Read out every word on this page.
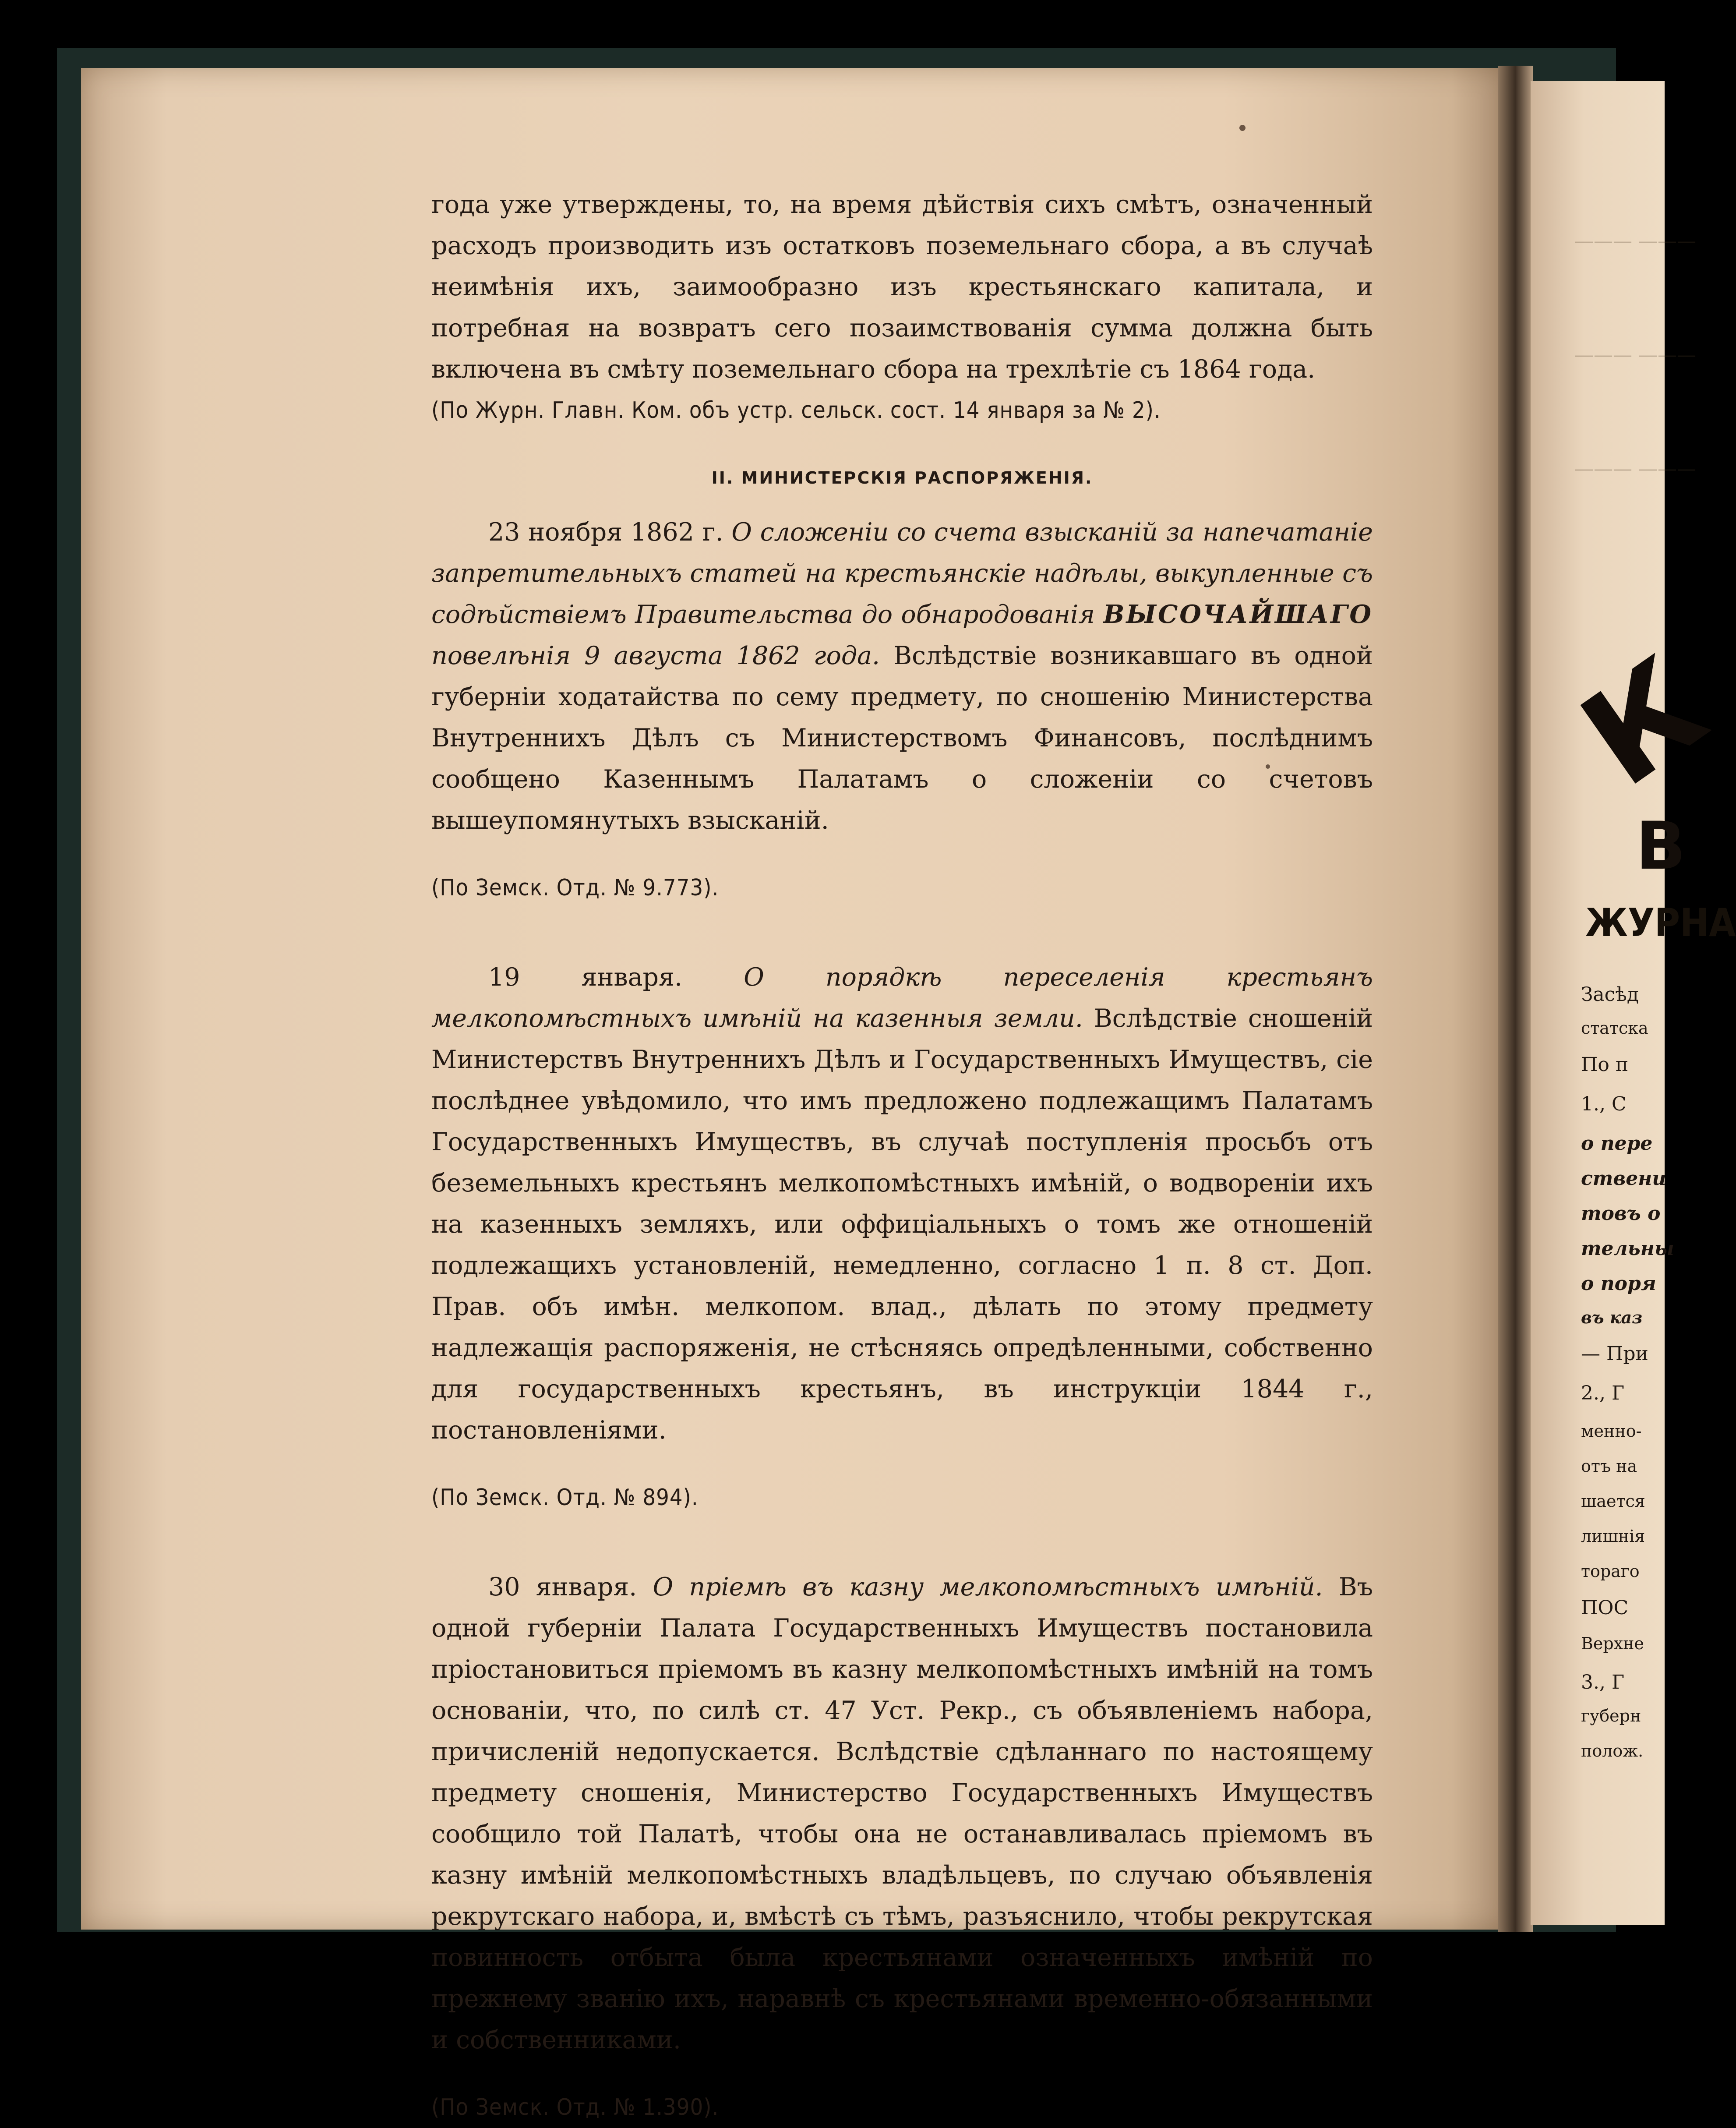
года уже утверждены, то, на время дѣйствія сихъ смѣтъ, означенный расходъ производить изъ остатковъ поземельнаго сбора, а въ случаѣ неимѣнія ихъ, заимообразно изъ крестьянскаго капитала, и потребная на возвратъ сего позаимствованія сумма должна быть включена въ смѣту поземельнаго сбора на трехлѣтіе съ 1864 года.

(По Журн. Главн. Ком. объ устр. сельск. сост. 14 января за № 2).

II. МИНИСТЕРСКІЯ РАСПОРЯЖЕНІЯ.

23 ноября 1862 г. О сложеніи со счета взысканій за напечатаніе запретительныхъ статей на крестьянскіе надѣлы, выкупленные съ содѣйствіемъ Правительства до обнародованія ВЫСОЧАЙШАГО повелѣнія 9 августа 1862 года. Вслѣдствіе возникавшаго въ одной губерніи ходатайства по сему предмету, по сношенію Министерства Внутреннихъ Дѣлъ съ Министерствомъ Финансовъ, послѣднимъ сообщено Казеннымъ Палатамъ о сложеніи со счетовъ вышеупомянутыхъ взысканій.

(По Земск. Отд. № 9.773).

19 января. О порядкѣ переселенія крестьянъ мелкопомѣстныхъ имѣній на казенныя земли. Вслѣдствіе сношеній Министерствъ Внутреннихъ Дѣлъ и Государственныхъ Имуществъ, сіе послѣднее увѣдомило, что имъ предложено подлежащимъ Палатамъ Государственныхъ Имуществъ, въ случаѣ поступленія просьбъ отъ беземельныхъ крестьянъ мелкопомѣстныхъ имѣній, о водвореніи ихъ на казенныхъ земляхъ, или оффиціальныхъ о томъ же отношеній подлежащихъ установленій, немедленно, согласно 1 п. 8 ст. Доп. Прав. объ имѣн. мелкопом. влад., дѣлать по этому предмету надлежащія распоряженія, не стѣсняясь опредѣленными, собственно для государственныхъ крестьянъ, въ инструкціи 1844 г., постановленіями.

(По Земск. Отд. № 894).

30 января. О пріемѣ въ казну мелкопомѣстныхъ имѣній. Въ одной губерніи Палата Государственныхъ Имуществъ постановила пріостановиться пріемомъ въ казну мелкопомѣстныхъ имѣній на томъ основаніи, что, по силѣ ст. 47 Уст. Рекр., съ объявленіемъ набора, причисленій недопускается. Вслѣдствіе сдѣланнаго по настоящему предмету сношенія, Министерство Государственныхъ Имуществъ сообщило той Палатѣ, чтобы она не останавливалась пріемомъ въ казну имѣній мелкопомѣстныхъ владѣльцевъ, по случаю объявленія рекрутскаго набора, и, вмѣстѣ съ тѣмъ, разъяснило, чтобы рекрутская повинность отбыта была крестьянами означенныхъ имѣній по прежнему званію ихъ, наравнѣ съ крестьянами временно-обязанными и собственниками.

(По Земск. Отд. № 1.390).

——— ———
——— ———
——— ———
К
В
ЖУРНА
Засѣд
статска
По п
1., С
о пере
ствени
товъ о
тельны
о поря
въ каз
— При
2., Г
менно-
отъ на
шается
лишнія
тораго
ПОС
Верхне
3., Г
губерн
полож.
